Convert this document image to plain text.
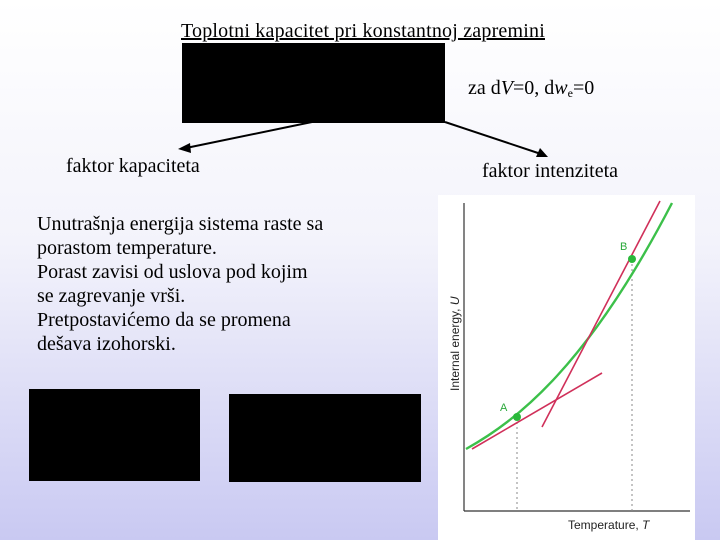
Toplotni kapacitet pri konstantnoj zapremini
za dV=0, $dw_e=0$
faktor kapaciteta	faktor intenziteta
Unutrašnja energija sistema raste sa
porastom temperature.
Porast zavisi od uslova pod kojim
se zagrevanje vrši.
Pretpostavićemo da se promena
dešava izohorski.
A
B
Internal energy, U
Temperature, T
